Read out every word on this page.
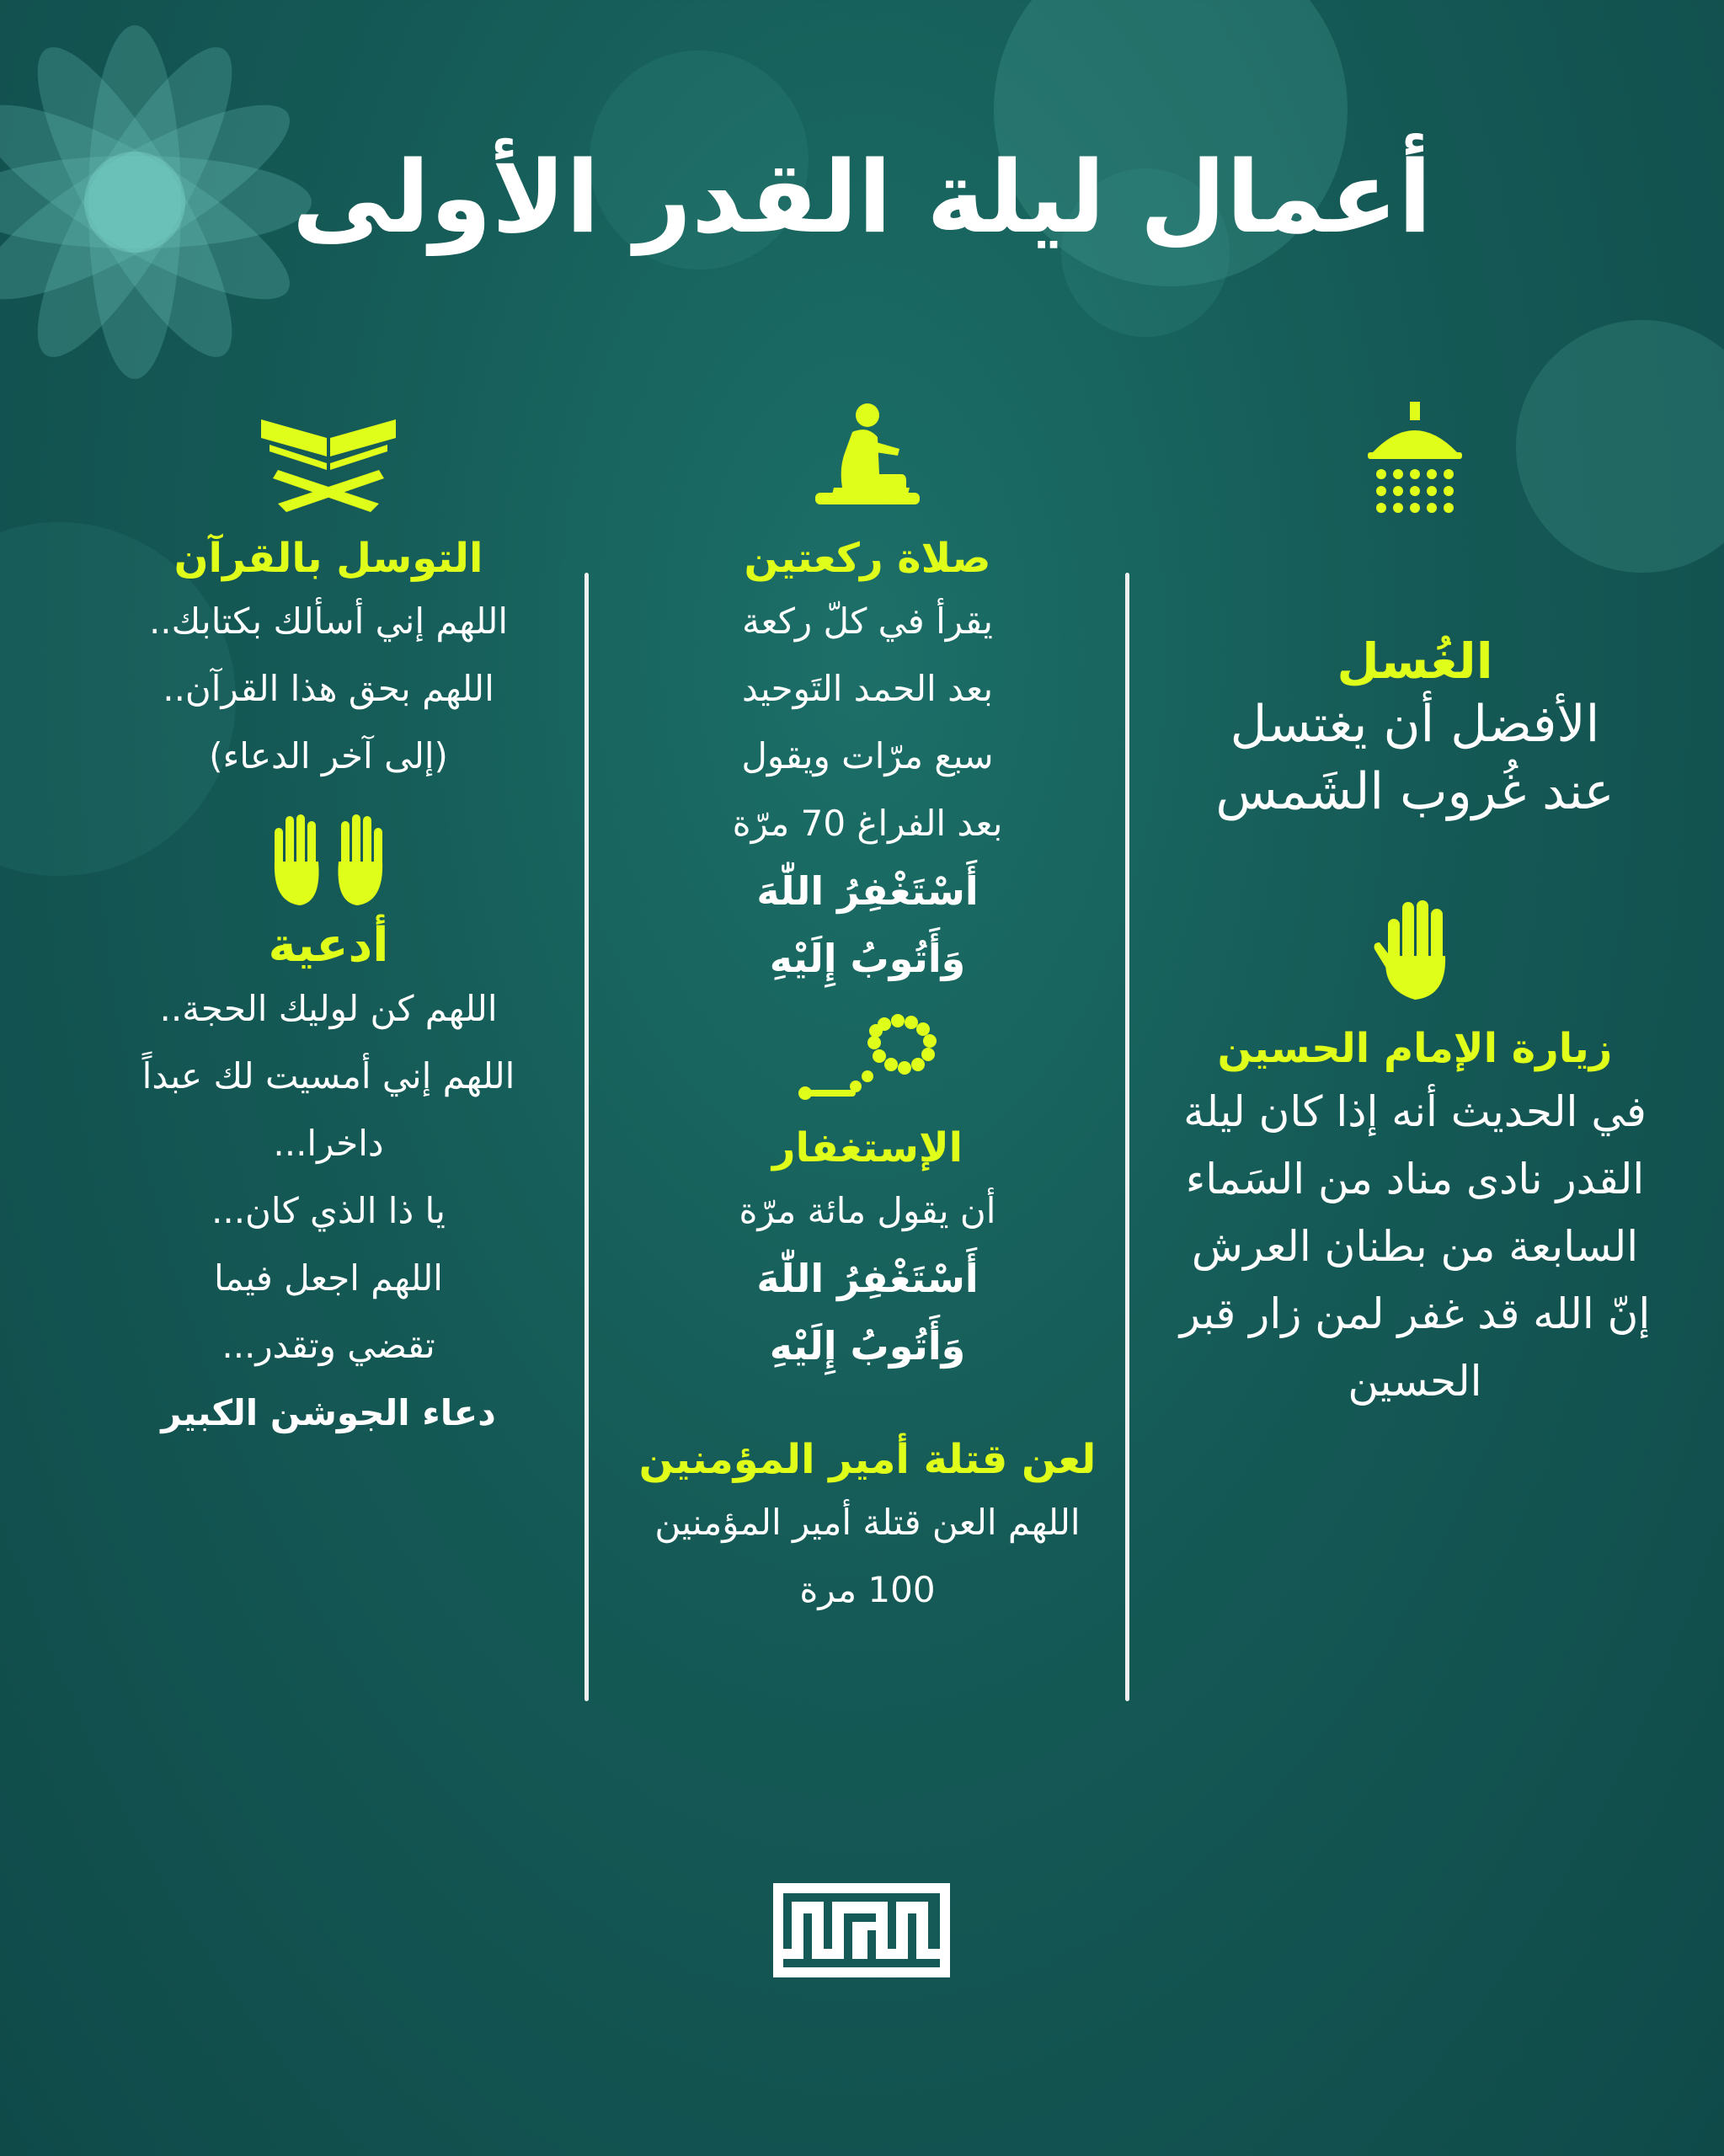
أعمال ليلة القدر الأولى
الغُسل
الأفضل أن يغتسل
عند غُروب الشَمس
زيارة الإمام الحسين
في الحديث أنه إذا كان ليلة
القدر نادى مناد من السَماء
السابعة من بطنان العرش
إنّ الله قد غفر لمن زار قبر
الحسين
صلاة ركعتين
يقرأ في كلّ ركعة
بعد الحمد التَوحيد
سبع مرّات ويقول
بعد الفراغ 70 مرّة
أَسْتَغْفِرُ اللّٰهَ
وَأَتُوبُ إِلَيْهِ
الإستغفار
أن يقول مائة مرّة
أَسْتَغْفِرُ اللّٰهَ
وَأَتُوبُ إِلَيْهِ
لعن قتلة أمير المؤمنين
اللهم العن قتلة أمير المؤمنين
100 مرة
التوسل بالقرآن
اللهم إني أسألك بكتابك..
اللهم بحق هذا القرآن..
(إلى آخر الدعاء)
أدعية
اللهم كن لوليك الحجة..
اللهم إني أمسيت لك عبداً
داخرا...
يا ذا الذي كان...
اللهم اجعل فيما
تقضي وتقدر...
دعاء الجوشن الكبير
